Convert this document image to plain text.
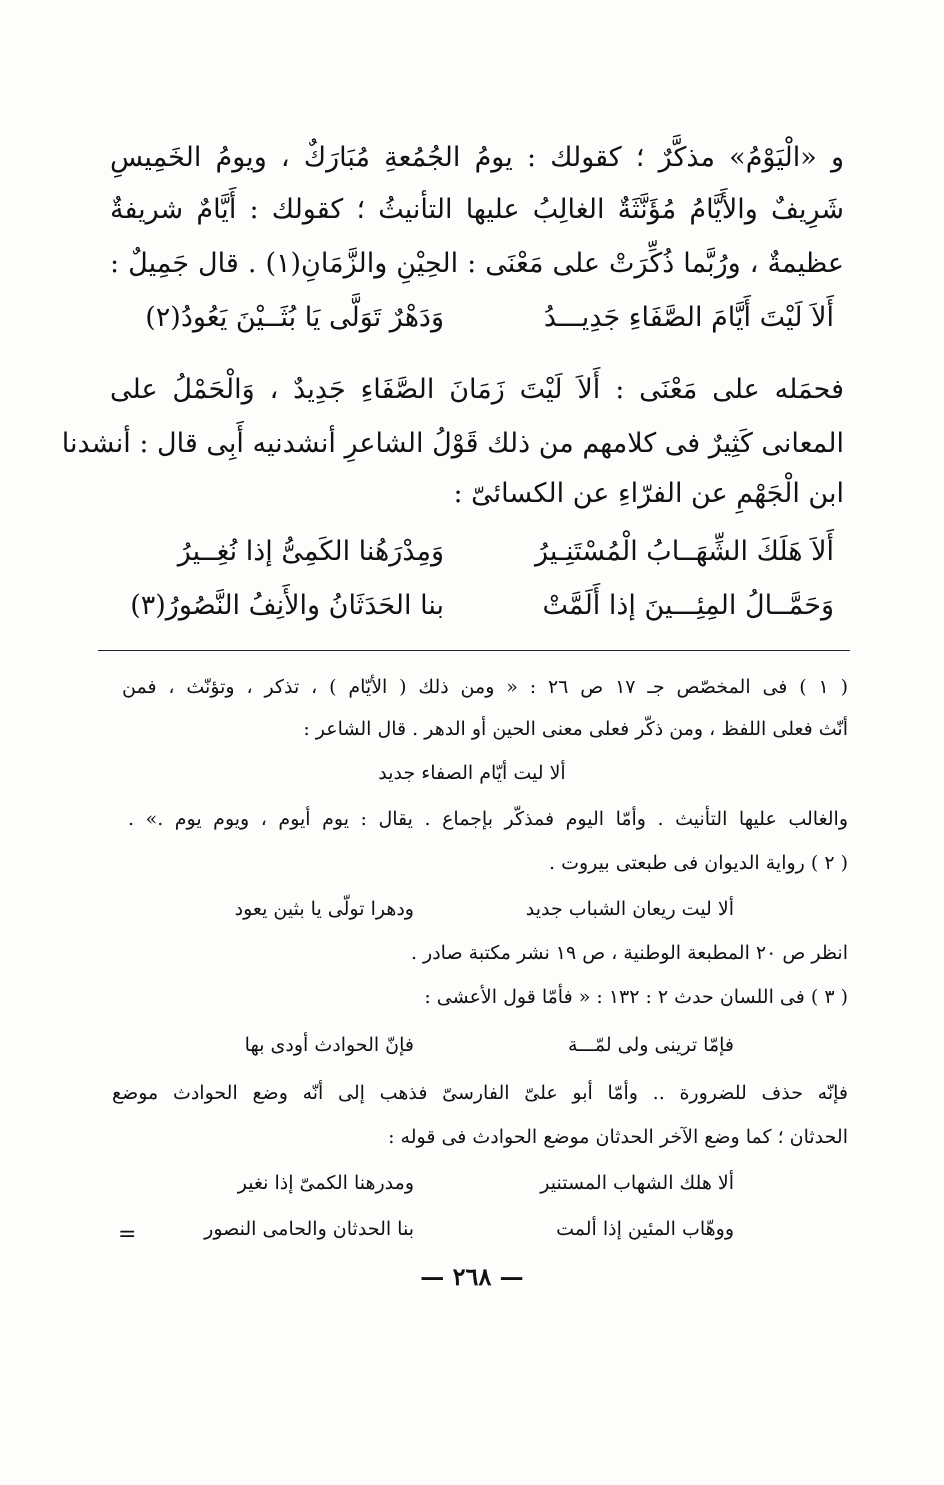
و «الْيَوْمُ» مذكَّرٌ ؛ كقولك : يومُ الجُمُعةِ مُبَارَكٌ ، ويومُ الخَمِيسِ
شَرِيفٌ والأَيَّامُ مُؤَنَّثَةٌ الغالِبُ عليها التأنيثُ ؛ كقولك : أَيَّامٌ شريفةٌ
عظيمةٌ ، ورُبَّما ذُكِّرَتْ على مَعْنَى : الحِيْنِ والزَّمَانِ(١) . قال جَمِيلٌ :
أَلاَ لَيْتَ أَيَّامَ الصَّفَاءِ جَدِيـــدُ
وَدَهْرٌ تَوَلَّى يَا بُثَــيْنَ يَعُودُ(٢)
فحمَله على مَعْنَى : أَلاَ لَيْتَ زَمَانَ الصَّفَاءِ جَدِيدٌ ، وَالْحَمْلُ على
المعانى كَثِيرٌ فى كلامهم من ذلك قَوْلُ الشاعرِ أنشدنيه أَبِى قال : أنشدنا
ابن الْجَهْمِ عن الفرّاءِ عن الكسائىّ :
أَلاَ هَلَكَ الشِّهَــابُ الْمُسْتَنِـيرُ
وَمِدْرَهُنا الكَمِىُّ إذا نُغِــيرُ
وَحَمَّــالُ المِئِـــينَ إذا أَلَمَّتْ
بنا الحَدَثَانُ والأَنِفُ النَّصُورُ(٣)
( ١ ) فى المخصّص جـ ١٧ ص ٢٦ : « ومن ذلك ( الأيّام ) ، تذكر ، وتؤنّث ، فمن
أنّث فعلى اللفظ ، ومن ذكّر فعلى معنى الحين أو الدهر . قال الشاعر :
ألا ليت أيّام الصفاء جديد
والغالب عليها التأنيث . وأمّا اليوم فمذكّر بإجماع . يقال : يوم أيوم ، ويوم يوم .» .
( ٢ ) رواية الديوان فى طبعتى بيروت .
ألا ليت ريعان الشباب جديد
ودهرا تولّى يا بثين يعود
انظر ص ٢٠ المطبعة الوطنية ، ص ١٩ نشر مكتبة صادر .
( ٣ ) فى اللسان حدث ٢ : ١٣٢ : « فأمّا قول الأعشى :
فإمّا ترينى ولى لمّـــة
فإنّ الحوادث أودى بها
فإنّه حذف للضرورة .. وأمّا أبو علىّ الفارسىّ فذهب إلى أنّه وضع الحوادث موضع
الحدثان ؛ كما وضع الآخر الحدثان موضع الحوادث فى قوله :
ألا هلك الشهاب المستنير
ومدرهنا الكمىّ إذا نغير
ووهّاب المئين إذا ألمت
بنا الحدثان والحامى النصور
=
— ٢٦٨ —
